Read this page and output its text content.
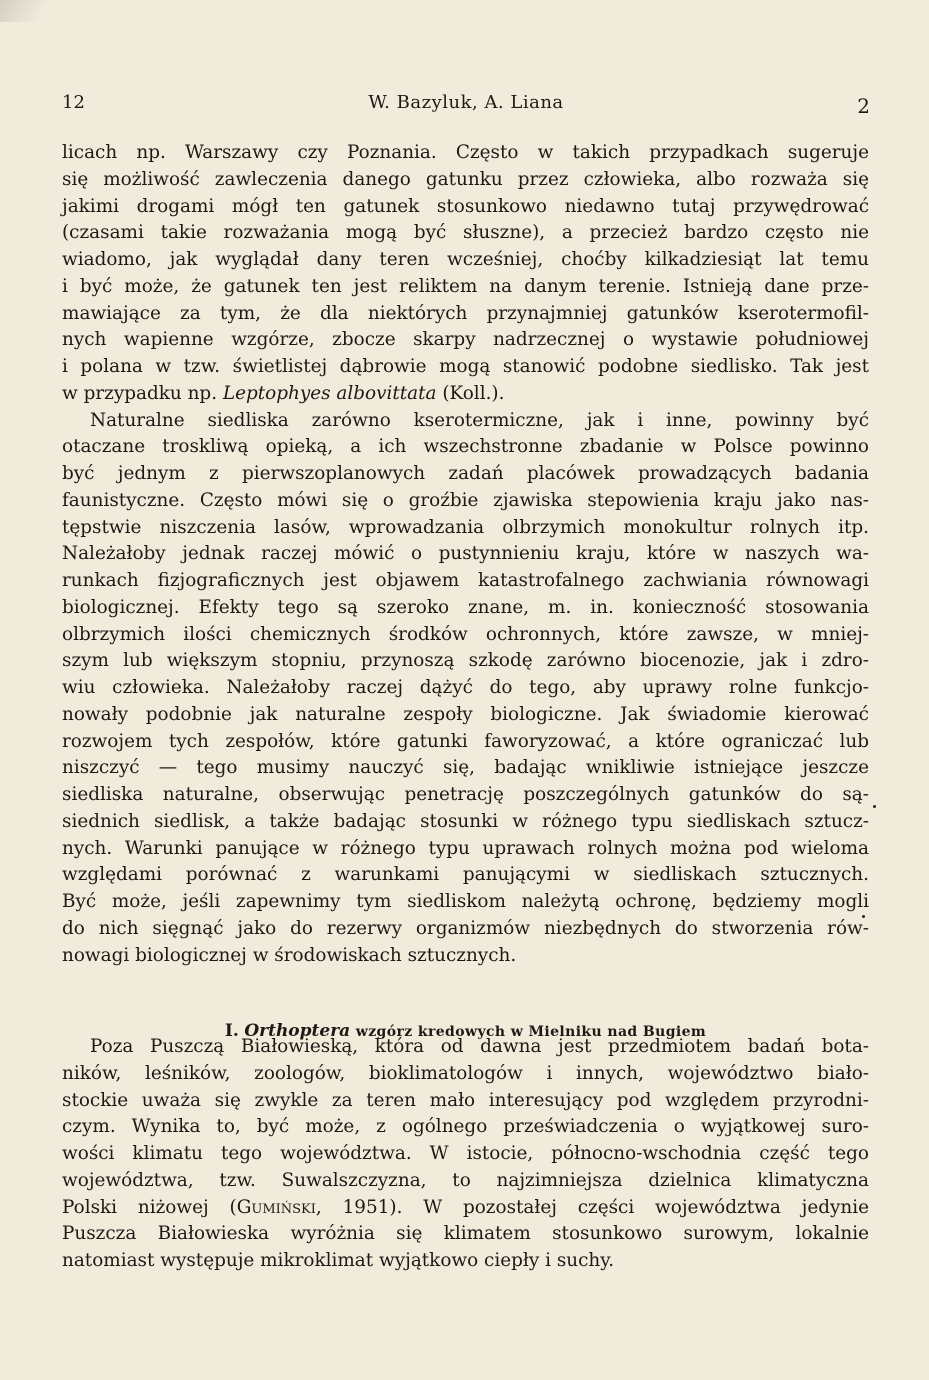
12	W. Bazyluk, A. Liana	2
licach np. Warszawy czy Poznania. Często w takich przypadkach sugeruje
się możliwość zawleczenia danego gatunku przez człowieka, albo rozważa się
jakimi drogami mógł ten gatunek stosunkowo niedawno tutaj przywędrować
(czasami takie rozważania mogą być słuszne), a przecież bardzo często nie
wiadomo, jak wyglądał dany teren wcześniej, choćby kilkadziesiąt lat temu
i być może, że gatunek ten jest reliktem na danym terenie. Istnieją dane prze-
mawiające za tym, że dla niektórych przynajmniej gatunków kserotermofil-
nych wapienne wzgórze, zbocze skarpy nadrzecznej o wystawie południowej
i polana w tzw. świetlistej dąbrowie mogą stanowić podobne siedlisko. Tak jest
w przypadku np. Leptophyes albovittata (Koll.).
Naturalne siedliska zarówno kserotermiczne, jak i inne, powinny być
otaczane troskliwą opieką, a ich wszechstronne zbadanie w Polsce powinno
być jednym z pierwszoplanowych zadań placówek prowadzących badania
faunistyczne. Często mówi się o groźbie zjawiska stepowienia kraju jako nas-
tępstwie niszczenia lasów, wprowadzania olbrzymich monokultur rolnych itp.
Należałoby jednak raczej mówić o pustynnieniu kraju, które w naszych wa-
runkach fizjograficznych jest objawem katastrofalnego zachwiania równowagi
biologicznej. Efekty tego są szeroko znane, m. in. konieczność stosowania
olbrzymich ilości chemicznych środków ochronnych, które zawsze, w mniej-
szym lub większym stopniu, przynoszą szkodę zarówno biocenozie, jak i zdro-
wiu człowieka. Należałoby raczej dążyć do tego, aby uprawy rolne funkcjo-
nowały podobnie jak naturalne zespoły biologiczne. Jak świadomie kierować
rozwojem tych zespołów, które gatunki faworyzować, a które ograniczać lub
niszczyć — tego musimy nauczyć się, badając wnikliwie istniejące jeszcze
siedliska naturalne, obserwując penetrację poszczególnych gatunków do są-
siednich siedlisk, a także badając stosunki w różnego typu siedliskach sztucz-
nych. Warunki panujące w różnego typu uprawach rolnych można pod wieloma
względami porównać z warunkami panującymi w siedliskach sztucznych.
Być może, jeśli zapewnimy tym siedliskom należytą ochronę, będziemy mogli
do nich sięgnąć jako do rezerwy organizmów niezbędnych do stworzenia rów-
nowagi biologicznej w środowiskach sztucznych.
I. Orthoptera wzgórz kredowych w Mielniku nad Bugiem
Poza Puszczą Białowieską, która od dawna jest przedmiotem badań bota-
ników, leśników, zoologów, bioklimatologów i innych, województwo biało-
stockie uważa się zwykle za teren mało interesujący pod względem przyrodni-
czym. Wynika to, być może, z ogólnego przeświadczenia o wyjątkowej suro-
wości klimatu tego województwa. W istocie, północno-wschodnia część tego
województwa, tzw. Suwalszczyzna, to najzimniejsza dzielnica klimatyczna
Polski niżowej (Gumiński, 1951). W pozostałej części województwa jedynie
Puszcza Białowieska wyróżnia się klimatem stosunkowo surowym, lokalnie
natomiast występuje mikroklimat wyjątkowo ciepły i suchy.
